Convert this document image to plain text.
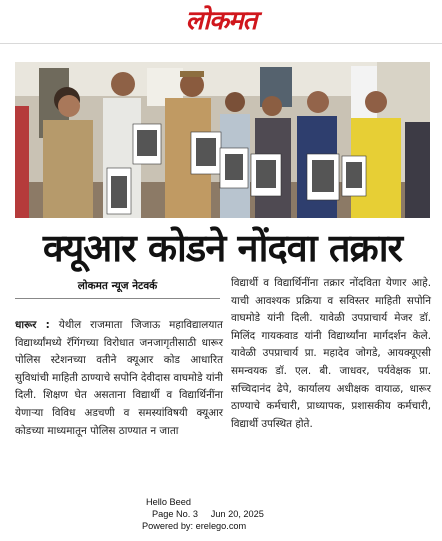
लोकमत
क्यूआर कोडने नोंदवा तक्रार
लोकमत न्यूज नेटवर्क
धारूर : येथील राजमाता जिजाऊ महाविद्यालयात विद्यार्थ्यांमध्ये रॅगिंगच्या विरोधात जनजागृतीसाठी धारूर पोलिस स्टेशनच्या वतीने क्यूआर कोड आधारित सुविधांची माहिती ठाण्याचे सपोनि देवीदास वाघमोडे यांनी दिली. शिक्षण घेत असताना विद्यार्थी व विद्यार्थिनींना येणाऱ्या विविध अडचणी व समस्यांविषयी क्यूआर कोडच्या माध्यमातून पोलिस ठाण्यात न जाता
विद्यार्थी व विद्यार्थिनींना तक्रार नोंदविता येणार आहे. याची आवश्यक प्रक्रिया व सविस्तर माहिती सपोनि वाघमोडे यांनी दिली. यावेळी उपप्राचार्य मेजर डॉ. मिलिंद गायकवाड यांनी विद्यार्थ्यांना मार्गदर्शन केले. यावेळी उपप्राचार्य प्रा. महादेव जोगडे, आयक्यूएसी समन्वयक डॉ. एल. बी. जाधवर, पर्यवेक्षक प्रा. सच्चिदानंद ढेपे, कार्यालय अधीक्षक वायाळ, धारूर ठाण्याचे कर्मचारी, प्राध्यापक, प्रशासकीय कर्मचारी, विद्यार्थी उपस्थित होते.
Hello Beed
Page No. 3     Jun 20, 2025
Powered by: erelego.com
